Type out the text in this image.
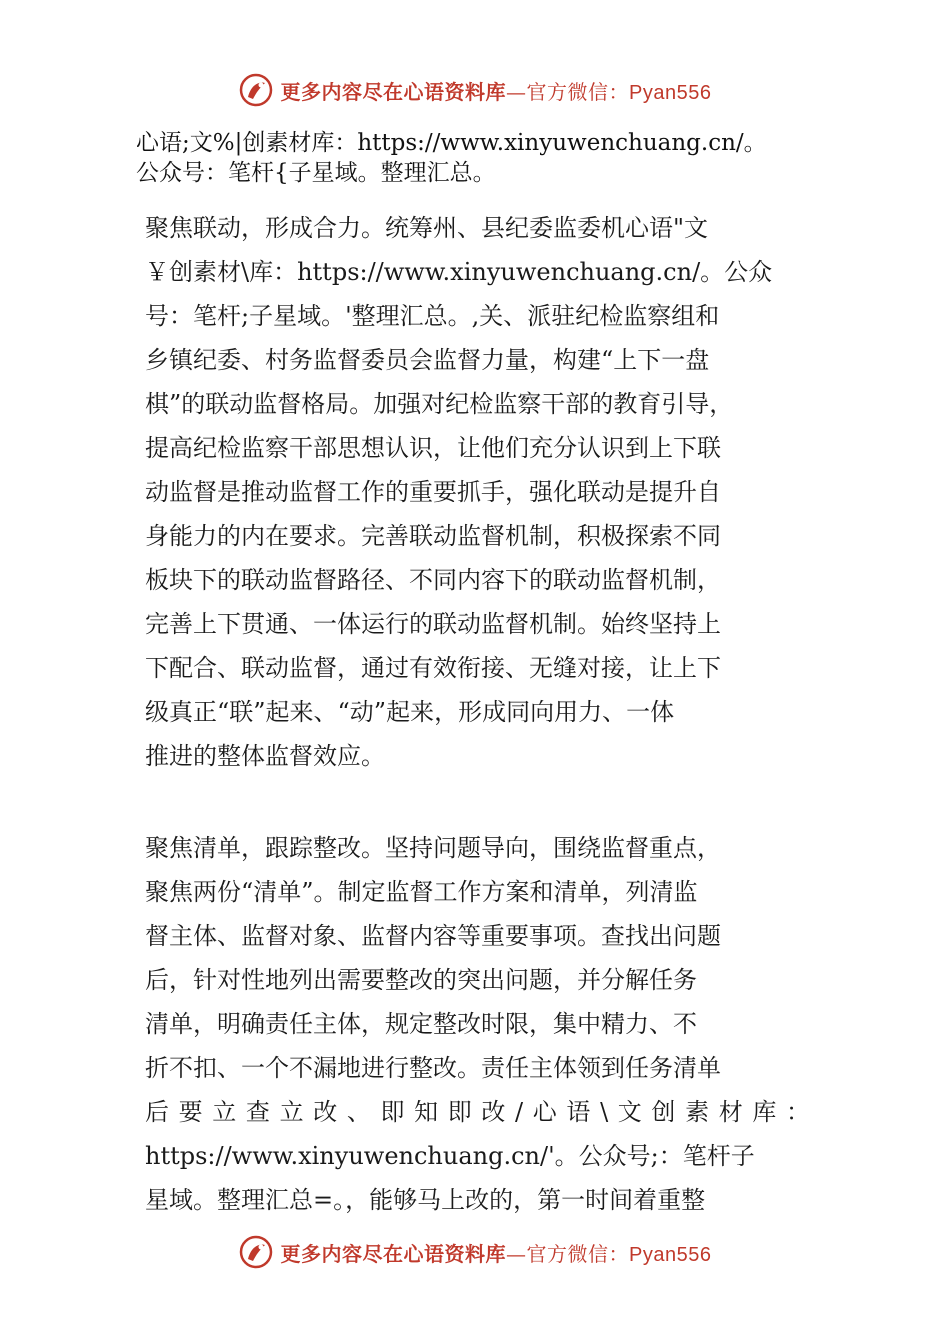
更多内容尽在心语资料库—官方微信：Pyan556
心语;文%|创素材库：https://www.xinyuwenchuang.cn/。
公众号：笔杆{子星域。整理汇总。
聚焦联动，形成合力。统筹州、县纪委监委机心语"文
￥创素材\库：https://www.xinyuwenchuang.cn/。公众
号：笔杆;子星域。'整理汇总。,关、派驻纪检监察组和
乡镇纪委、村务监督委员会监督力量，构建“上下一盘
棋”的联动监督格局。加强对纪检监察干部的教育引导，
提高纪检监察干部思想认识，让他们充分认识到上下联
动监督是推动监督工作的重要抓手，强化联动是提升自
身能力的内在要求。完善联动监督机制，积极探索不同
板块下的联动监督路径、不同内容下的联动监督机制，
完善上下贯通、一体运行的联动监督机制。始终坚持上
下配合、联动监督，通过有效衔接、无缝对接，让上下
级真正“联”起来、“动”起来，形成同向用力、一体
推进的整体监督效应。
聚焦清单，跟踪整改。坚持问题导向，围绕监督重点，
聚焦两份“清单”。制定监督工作方案和清单，列清监
督主体、监督对象、监督内容等重要事项。查找出问题
后，针对性地列出需要整改的突出问题，并分解任务
清单，明确责任主体，规定整改时限，集中精力、不
折不扣、一个不漏地进行整改。责任主体领到任务清单
后要立查立改、即知即改/心语\文创素材库：
https://www.xinyuwenchuang.cn/'。公众号;：笔杆子
星域。整理汇总=。，能够马上改的，第一时间着重整
更多内容尽在心语资料库—官方微信：Pyan556
